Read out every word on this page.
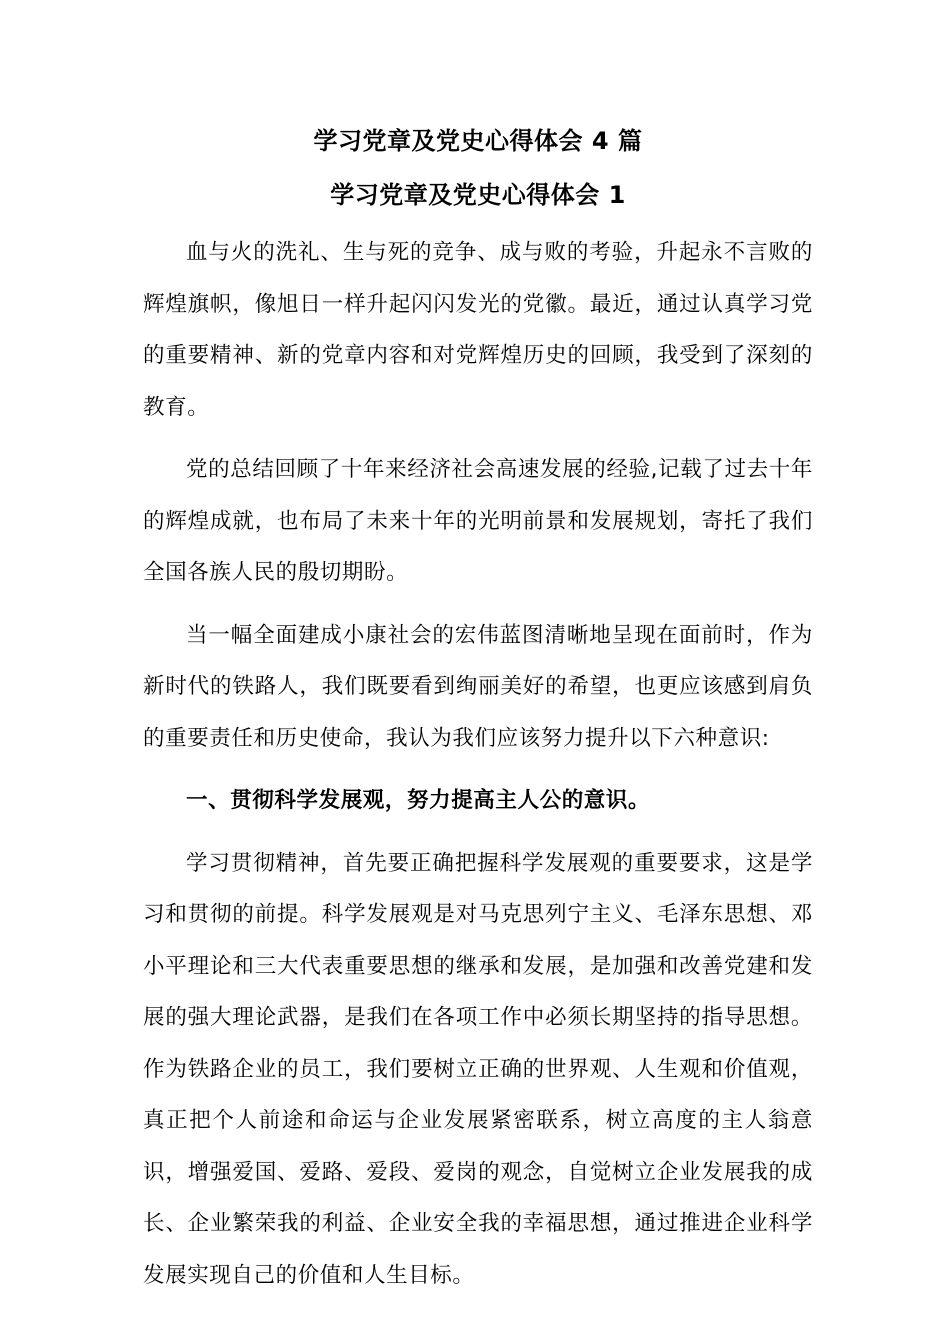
学习党章及党史心得体会 4 篇
学习党章及党史心得体会 1

血与火的洗礼、生与死的竞争、成与败的考验，升起永不言败的辉煌旗帜，像旭日一样升起闪闪发光的党徽。最近，通过认真学习党的重要精神、新的党章内容和对党辉煌历史的回顾，我受到了深刻的教育。

党的总结回顾了十年来经济社会高速发展的经验,记载了过去十年的辉煌成就，也布局了未来十年的光明前景和发展规划，寄托了我们全国各族人民的殷切期盼。

当一幅全面建成小康社会的宏伟蓝图清晰地呈现在面前时，作为新时代的铁路人，我们既要看到绚丽美好的希望，也更应该感到肩负的重要责任和历史使命，我认为我们应该努力提升以下六种意识:

一、贯彻科学发展观，努力提高主人公的意识。

学习贯彻精神，首先要正确把握科学发展观的重要要求，这是学习和贯彻的前提。科学发展观是对马克思列宁主义、毛泽东思想、邓小平理论和三大代表重要思想的继承和发展，是加强和改善党建和发展的强大理论武器，是我们在各项工作中必须长期坚持的指导思想。作为铁路企业的员工，我们要树立正确的世界观、人生观和价值观， 真正把个人前途和命运与企业发展紧密联系，树立高度的主人翁意 识，增强爱国、爱路、爱段、爱岗的观念，自觉树立企业发展我的成长、企业繁荣我的利益、企业安全我的幸福思想，通过推进企业科学发展实现自己的价值和人生目标。
